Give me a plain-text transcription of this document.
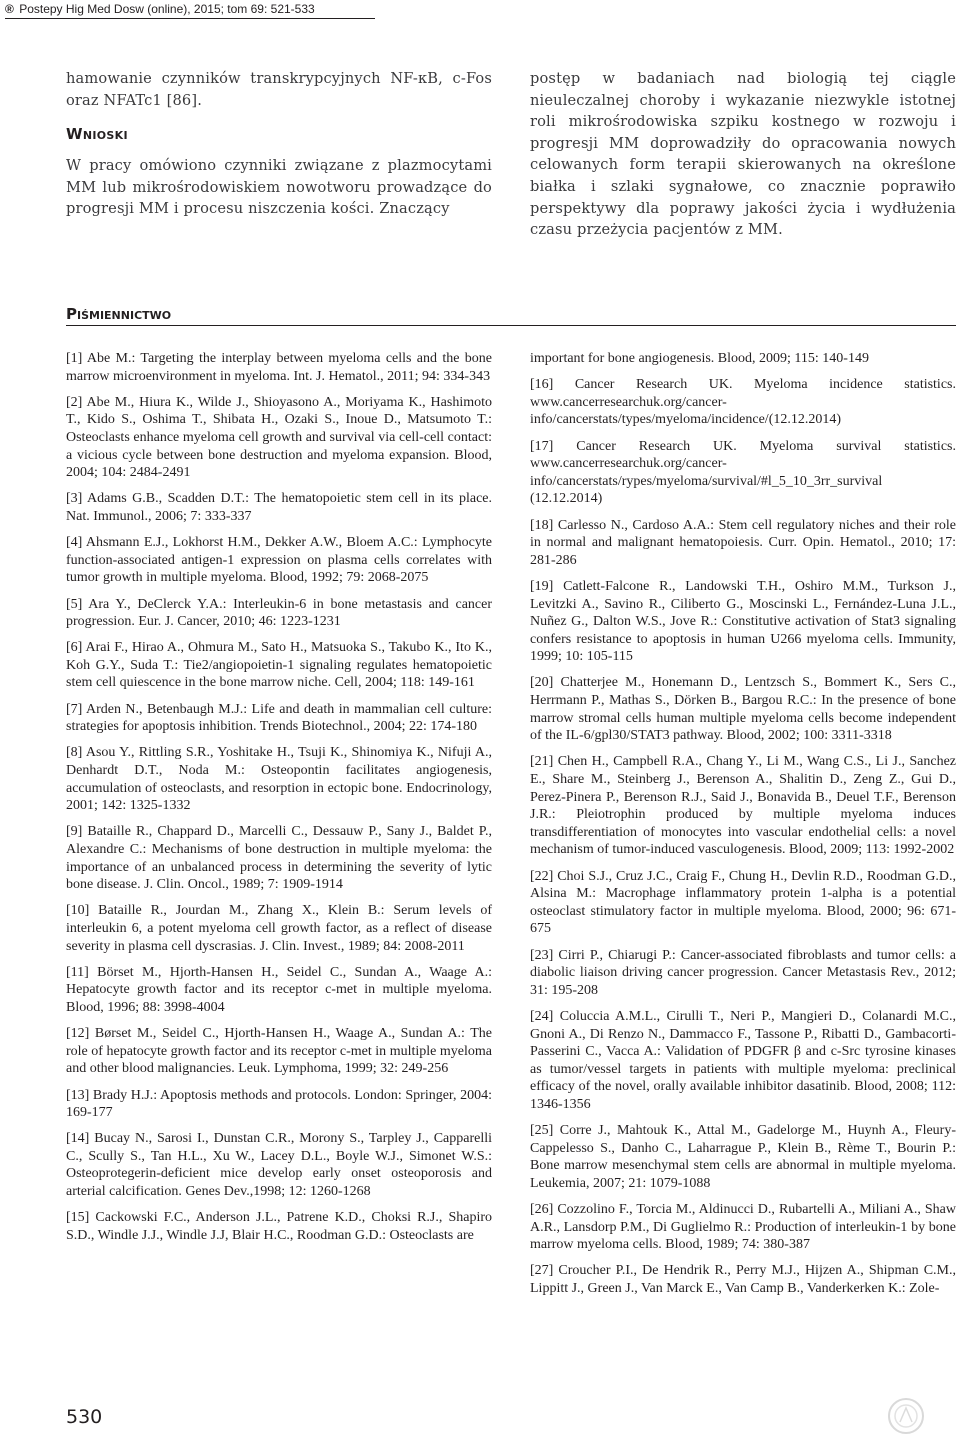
® Postepy Hig Med Dosw (online), 2015; tom 69: 521-533

hamowanie czynników transkrypcyjnych NF-κB, c-Fos oraz NFATc1 [86].

Wnioski

W pracy omówiono czynniki związane z plazmocytami MM lub mikrośrodowiskiem nowotworu prowadzące do progresji MM i procesu niszczenia kości. Znaczący

postęp w badaniach nad biologią tej ciągle nieuleczalnej choroby i wykazanie niezwykle istotnej roli mikrośrodowiska szpiku kostnego w rozwoju i progresji MM doprowadziły do opracowania nowych celowanych form terapii skierowanych na określone białka i szlaki sygnałowe, co znacznie poprawiło perspektywy dla poprawy jakości życia i wydłużenia czasu przeżycia pacjentów z MM.

Piśmiennictwo

[1] Abe M.: Targeting the interplay between myeloma cells and the bone marrow microenvironment in myeloma. Int. J. Hematol., 2011; 94: 334-343

[2] Abe M., Hiura K., Wilde J., Shioyasono A., Moriyama K., Hashimoto T., Kido S., Oshima T., Shibata H., Ozaki S., Inoue D., Matsumoto T.: Osteoclasts enhance myeloma cell growth and survival via cell-cell contact: a vicious cycle between bone destruction and myeloma expansion. Blood, 2004; 104: 2484-2491

[3] Adams G.B., Scadden D.T.: The hematopoietic stem cell in its place. Nat. Immunol., 2006; 7: 333-337

[4] Ahsmann E.J., Lokhorst H.M., Dekker A.W., Bloem A.C.: Lymphocyte function-associated antigen-1 expression on plasma cells correlates with tumor growth in multiple myeloma. Blood, 1992; 79: 2068-2075

[5] Ara Y., DeClerck Y.A.: Interleukin-6 in bone metastasis and cancer progression. Eur. J. Cancer, 2010; 46: 1223-1231

[6] Arai F., Hirao A., Ohmura M., Sato H., Matsuoka S., Takubo K., Ito K., Koh G.Y., Suda T.: Tie2/angiopoietin-1 signaling regulates hematopoietic stem cell quiescence in the bone marrow niche. Cell, 2004; 118: 149-161

[7] Arden N., Betenbaugh M.J.: Life and death in mammalian cell culture: strategies for apoptosis inhibition. Trends Biotechnol., 2004; 22: 174-180

[8] Asou Y., Rittling S.R., Yoshitake H., Tsuji K., Shinomiya K., Nifuji A., Denhardt D.T., Noda M.: Osteopontin facilitates angiogenesis, accumulation of osteoclasts, and resorption in ectopic bone. Endocrinology, 2001; 142: 1325-1332

[9] Bataille R., Chappard D., Marcelli C., Dessauw P., Sany J., Baldet P., Alexandre C.: Mechanisms of bone destruction in multiple myeloma: the importance of an unbalanced process in determining the severity of lytic bone disease. J. Clin. Oncol., 1989; 7: 1909-1914

[10] Bataille R., Jourdan M., Zhang X., Klein B.: Serum levels of interleukin 6, a potent myeloma cell growth factor, as a reflect of disease severity in plasma cell dyscrasias. J. Clin. Invest., 1989; 84: 2008-2011

[11] Börset M., Hjorth-Hansen H., Seidel C., Sundan A., Waage A.: Hepatocyte growth factor and its receptor c-met in multiple myeloma. Blood, 1996; 88: 3998-4004

[12] Børset M., Seidel C., Hjorth-Hansen H., Waage A., Sundan A.: The role of hepatocyte growth factor and its receptor c-met in multiple myeloma and other blood malignancies. Leuk. Lymphoma, 1999; 32: 249-256

[13] Brady H.J.: Apoptosis methods and protocols. London: Springer, 2004: 169-177

[14] Bucay N., Sarosi I., Dunstan C.R., Morony S., Tarpley J., Capparelli C., Scully S., Tan H.L., Xu W., Lacey D.L., Boyle W.J., Simonet W.S.: Osteoprotegerin-deficient mice develop early onset osteoporosis and arterial calcification. Genes Dev.,1998; 12: 1260-1268

[15] Cackowski F.C., Anderson J.L., Patrene K.D., Choksi R.J., Shapiro S.D., Windle J.J., Windle J.J, Blair H.C., Roodman G.D.: Osteoclasts are

important for bone angiogenesis. Blood, 2009; 115: 140-149

[16] Cancer Research UK. Myeloma incidence statistics. www.cancerresearchuk.org/cancer-info/cancerstats/types/myeloma/incidence/(12.12.2014)

[17] Cancer Research UK. Myeloma survival statistics. www.cancerresearchuk.org/cancer-info/cancerstats/rypes/myeloma/survival/#l_5_10_3rr_survival (12.12.2014)

[18] Carlesso N., Cardoso A.A.: Stem cell regulatory niches and their role in normal and malignant hematopoiesis. Curr. Opin. Hematol., 2010; 17: 281-286

[19] Catlett-Falcone R., Landowski T.H., Oshiro M.M., Turkson J., Levitzki A., Savino R., Ciliberto G., Moscinski L., Fernández-Luna J.L., Nuñez G., Dalton W.S., Jove R.: Constitutive activation of Stat3 signaling confers resistance to apoptosis in human U266 myeloma cells. Immunity, 1999; 10: 105-115

[20] Chatterjee M., Honemann D., Lentzsch S., Bommert K., Sers C., Herrmann P., Mathas S., Dörken B., Bargou R.C.: In the presence of bone marrow stromal cells human multiple myeloma cells become independent of the IL-6/gpl30/STAT3 pathway. Blood, 2002; 100: 3311-3318

[21] Chen H., Campbell R.A., Chang Y., Li M., Wang C.S., Li J., Sanchez E., Share M., Steinberg J., Berenson A., Shalitin D., Zeng Z., Gui D., Perez-Pinera P., Berenson R.J., Said J., Bonavida B., Deuel T.F., Berenson J.R.: Pleiotrophin produced by multiple myeloma induces transdifferentiation of monocytes into vascular endothelial cells: a novel mechanism of tumor-induced vasculogenesis. Blood, 2009; 113: 1992-2002

[22] Choi S.J., Cruz J.C., Craig F., Chung H., Devlin R.D., Roodman G.D., Alsina M.: Macrophage inflammatory protein 1-alpha is a potential osteoclast stimulatory factor in multiple myeloma. Blood, 2000; 96: 671-675

[23] Cirri P., Chiarugi P.: Cancer-associated fibroblasts and tumor cells: a diabolic liaison driving cancer progression. Cancer Metastasis Rev., 2012; 31: 195-208

[24] Coluccia A.M.L., Cirulli T., Neri P., Mangieri D., Colanardi M.C., Gnoni A., Di Renzo N., Dammacco F., Tassone P., Ribatti D., Gambacorti-Passerini C., Vacca A.: Validation of PDGFR β and c-Src tyrosine kinases as tumor/vessel targets in patients with multiple myeloma: preclinical efficacy of the novel, orally available inhibitor dasatinib. Blood, 2008; 112: 1346-1356

[25] Corre J., Mahtouk K., Attal M., Gadelorge M., Huynh A., Fleury-Cappelesso S., Danho C., Laharrague P., Klein B., Rème T., Bourin P.: Bone marrow mesenchymal stem cells are abnormal in multiple myeloma. Leukemia, 2007; 21: 1079-1088

[26] Cozzolino F., Torcia M., Aldinucci D., Rubartelli A., Miliani A., Shaw A.R., Lansdorp P.M., Di Guglielmo R.: Production of interleukin-1 by bone marrow myeloma cells. Blood, 1989; 74: 380-387

[27] Croucher P.I., De Hendrik R., Perry M.J., Hijzen A., Shipman C.M., Lippitt J., Green J., Van Marck E., Van Camp B., Vanderkerken K.: Zole-

530
